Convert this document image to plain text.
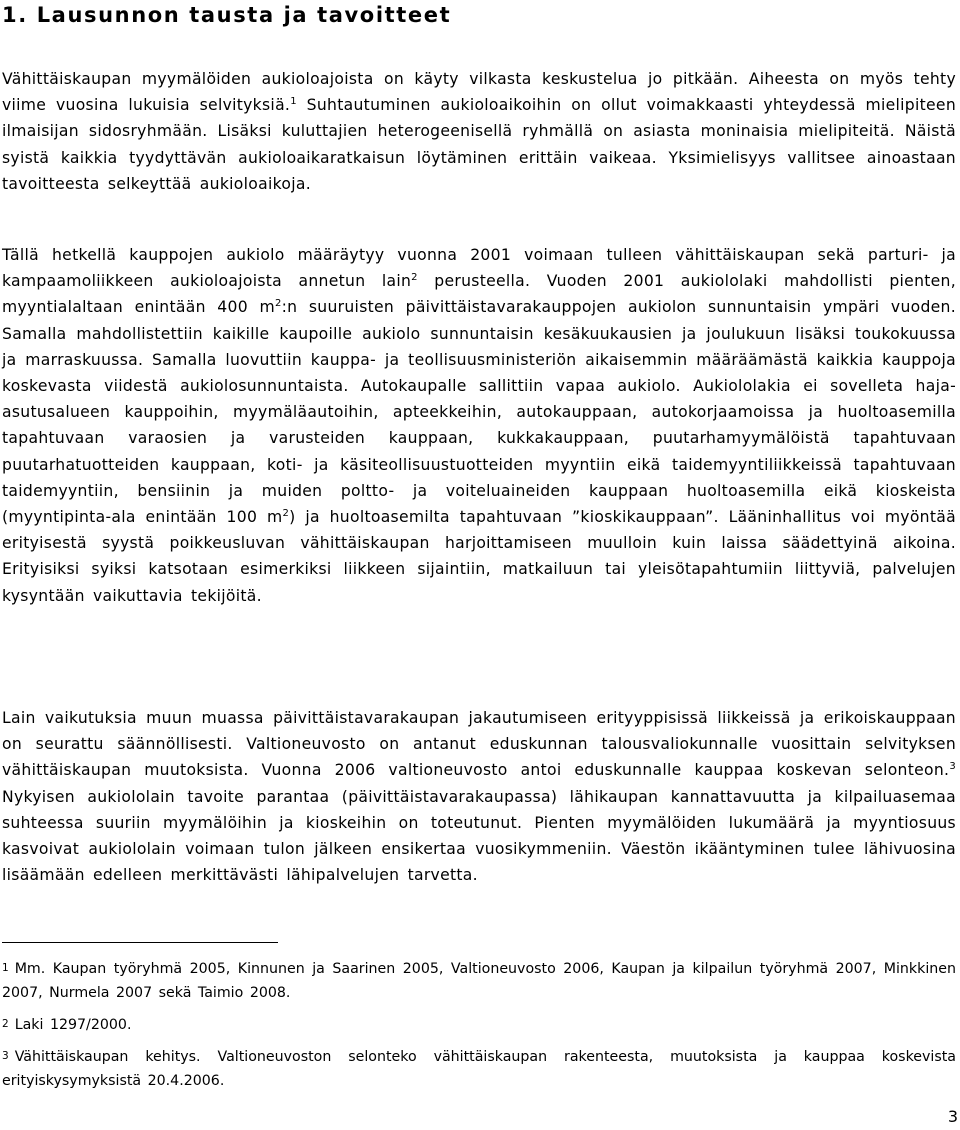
1. Lausunnon tausta ja tavoitteet

Vähittäiskaupan myymälöiden aukioloajoista on käyty vilkasta keskustelua jo pitkään. Aiheesta on myös tehty viime vuosina lukuisia selvityksiä.$^1$ Suhtautuminen aukioloaikoihin on ollut voimakkaasti yhteydessä mielipiteen ilmaisijan sidosryhmään. Lisäksi kuluttajien heterogeenisellä ryhmällä on asiasta moninaisia mielipiteitä. Näistä syistä kaikkia tyydyttävän aukioloaikaratkaisun löytäminen erittäin vaikeaa. Yksimielisyys vallitsee ainoastaan tavoitteesta selkeyttää aukioloaikoja.

Tällä hetkellä kauppojen aukiolo määräytyy vuonna 2001 voimaan tulleen vähittäiskaupan sekä parturi- ja kampaamoliikkeen aukioloajoista annetun lain$^2$ perusteella. Vuoden 2001 aukiololaki mahdollisti pienten, myyntialaltaan enintään 400 $m^2:n$ suuruisten päivittäistavarakauppojen aukiolon sunnuntaisin ympäri vuoden. Samalla mahdollistettiin kaikille kaupoille aukiolo sunnuntaisin kesäkuukausien ja joulukuun lisäksi toukokuussa ja marraskuussa. Samalla luovuttiin kauppa- ja teollisuusministeriön aikaisemmin määräämästä kaikkia kauppoja koskevasta viidestä aukiolosunnuntaista. Autokaupalle sallittiin vapaa aukiolo. Aukiololakia ei sovelleta haja-asutusalueen kauppoihin, myymäläautoihin, apteekkeihin, autokauppaan, autokorjaamoissa ja huoltoasemilla tapahtuvaan varaosien ja varusteiden kauppaan, kukkakauppaan, puutarhamyymälöistä tapahtuvaan puutarhatuotteiden kauppaan, koti- ja käsiteollisuustuotteiden myyntiin eikä taidemyyntiliikkeissä tapahtuvaan taidemyyntiin, bensiinin ja muiden poltto- ja voiteluaineiden kauppaan huoltoasemilla eikä kioskeista (myyntipinta-ala enintään 100 $m^2$) ja huoltoasemilta tapahtuvaan ”kioskikauppaan”. Lääninhallitus voi myöntää erityisestä syystä poikkeusluvan vähittäiskaupan harjoittamiseen muulloin kuin laissa säädettyinä aikoina. Erityisiksi syiksi katsotaan esimerkiksi liikkeen sijaintiin, matkailuun tai yleisötapahtumiin liittyviä, palvelujen kysyntään vaikuttavia tekijöitä.

Lain vaikutuksia muun muassa päivittäistavarakaupan jakautumiseen erityyppisissä liikkeissä ja erikoiskauppaan on seurattu säännöllisesti. Valtioneuvosto on antanut eduskunnan talousvaliokunnalle vuosittain selvityksen vähittäiskaupan muutoksista. Vuonna 2006 valtioneuvosto antoi eduskunnalle kauppaa koskevan selonteon.$^3$ Nykyisen aukiololain tavoite parantaa (päivittäistavarakaupassa) lähikaupan kannattavuutta ja kilpailuasemaa suhteessa suuriin myymälöihin ja kioskeihin on toteutunut. Pienten myymälöiden lukumäärä ja myyntiosuus kasvoivat aukiololain voimaan tulon jälkeen ensikertaa vuosikymmeniin. Väestön ikääntyminen tulee lähivuosina lisäämään edelleen merkittävästi lähipalvelujen tarvetta.

1 Mm. Kaupan työryhmä 2005, Kinnunen ja Saarinen 2005, Valtioneuvosto 2006, Kaupan ja kilpailun työryhmä 2007, Minkkinen 2007, Nurmela 2007 sekä Taimio 2008.

2 Laki 1297/2000.

3 Vähittäiskaupan kehitys. Valtioneuvoston selonteko vähittäiskaupan rakenteesta, muutoksista ja kauppaa koskevista erityiskysymyksistä 20.4.2006.

3
